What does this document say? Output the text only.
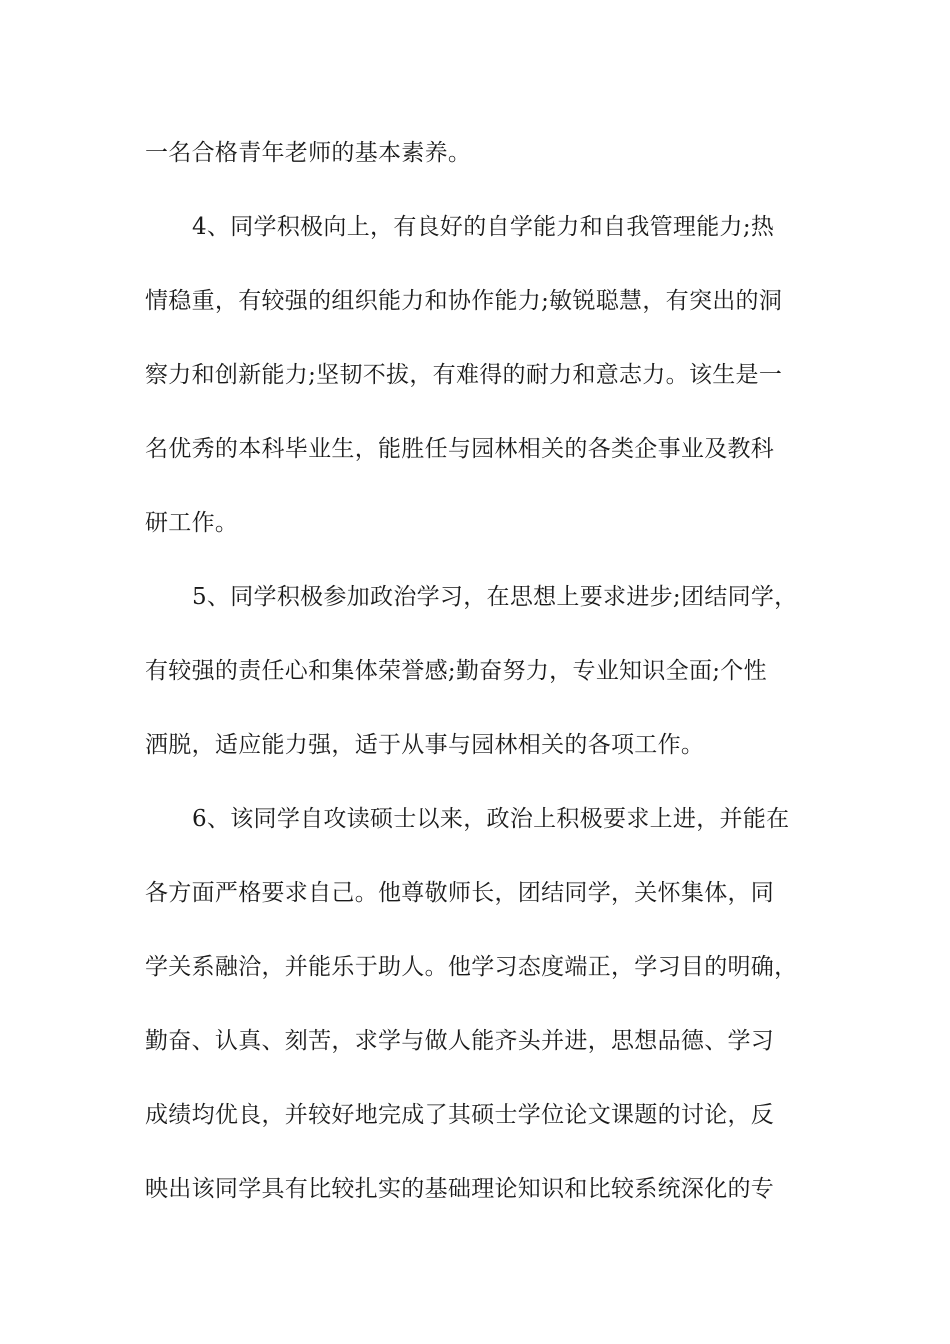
一名合格青年老师的基本素养。
4、同学积极向上，有良好的自学能力和自我管理能力;热
情稳重，有较强的组织能力和协作能力;敏锐聪慧，有突出的洞
察力和创新能力;坚韧不拔，有难得的耐力和意志力。该生是一
名优秀的本科毕业生，能胜任与园林相关的各类企事业及教科
研工作。
5、同学积极参加政治学习，在思想上要求进步;团结同学，
有较强的责任心和集体荣誉感;勤奋努力，专业知识全面;个性
洒脱，适应能力强，适于从事与园林相关的各项工作。
6、该同学自攻读硕士以来，政治上积极要求上进，并能在
各方面严格要求自己。他尊敬师长，团结同学，关怀集体，同
学关系融洽，并能乐于助人。他学习态度端正，学习目的明确，
勤奋、认真、刻苦，求学与做人能齐头并进，思想品德、学习
成绩均优良，并较好地完成了其硕士学位论文课题的讨论，反
映出该同学具有比较扎实的基础理论知识和比较系统深化的专
